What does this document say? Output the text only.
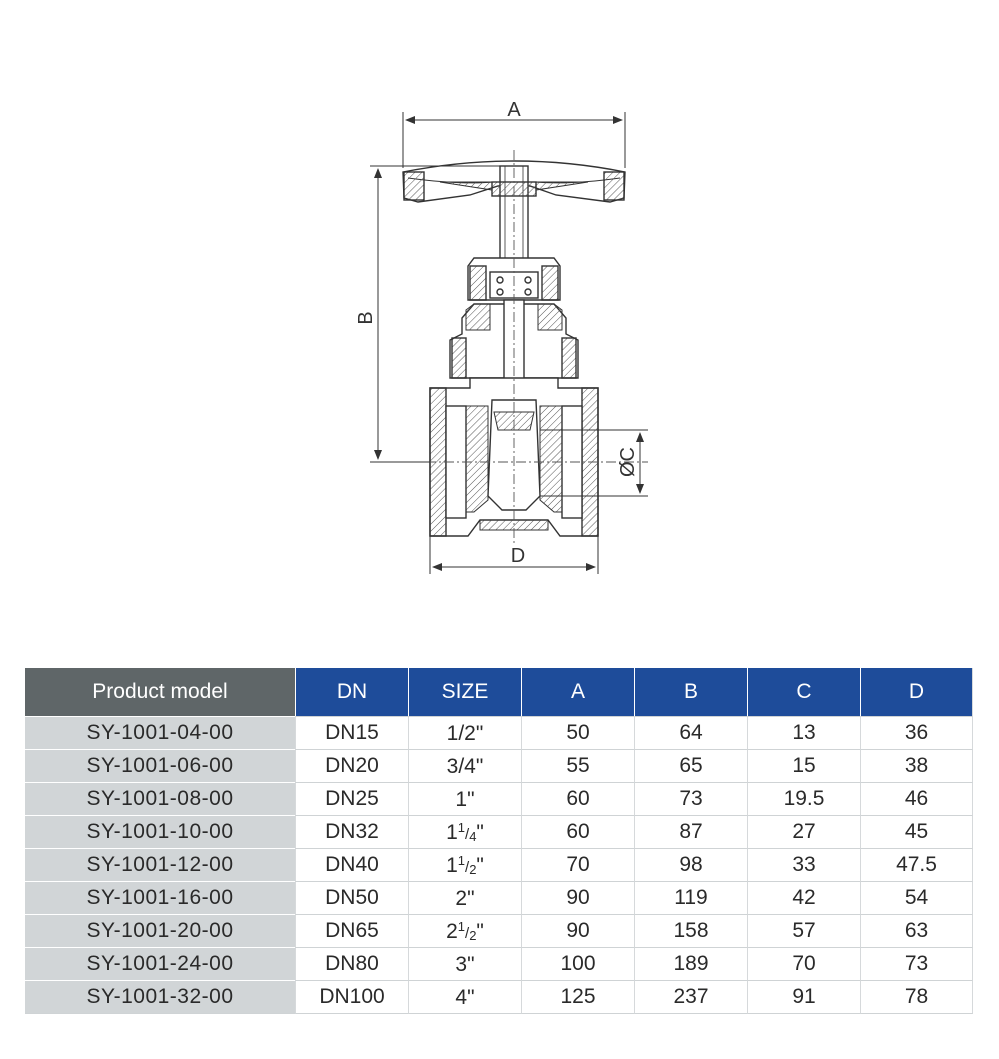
A
B
ØC
D
Product model	DN	SIZE	A	B	C	D
SY-1001-04-00	DN15	1/2"	50	64	13	36
SY-1001-06-00	DN20	3/4"	55	65	15	38
SY-1001-08-00	DN25	1"	60	73	19.5	46
SY-1001-10-00	DN32	$1^1/_4$"	60	87	27	45
SY-1001-12-00	DN40	$1^1/_2$"	70	98	33	47.5
SY-1001-16-00	DN50	2"	90	119	42	54
SY-1001-20-00	DN65	$2^1/_2$"	90	158	57	63
SY-1001-24-00	DN80	3"	100	189	70	73
SY-1001-32-00	DN100	4"	125	237	91	78
